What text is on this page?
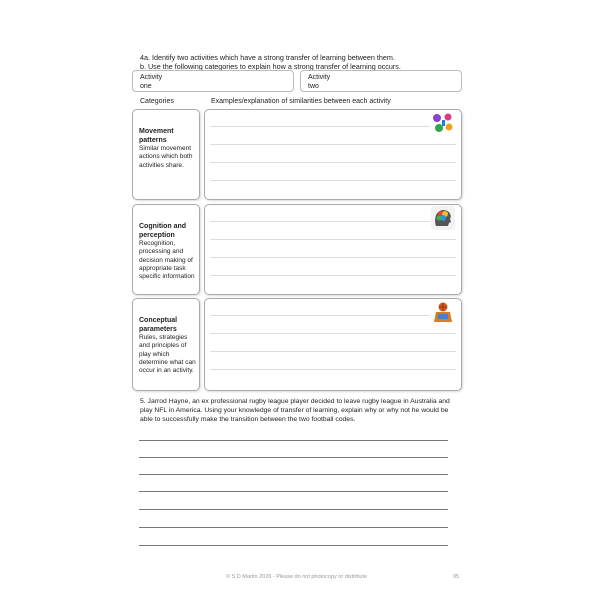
4a. Identify two activities which have a strong transfer of learning between them.
b. Use the following categories to explain how a strong transfer of learning occurs.
Activity
one
Activity
two
Categories	Examples/explanation of similarities between each activity
Movement patterns
Similar movement actions which both activities share.
Cognition and perception
Recognition, processing and decision making of appropriate task specific information
Conceptual parameters
Rules, strategies and principles of play which determine what can occur in an activity.
5. Jarrod Hayne, an ex professional rugby league player decided to leave rugby league in Australia and play NFL in America. Using your knowledge of transfer of learning, explain why or why not he would be able to successfully make the transition between the two football codes.
© S D Martin 2026 - Please do not photocopy or distribute	95
